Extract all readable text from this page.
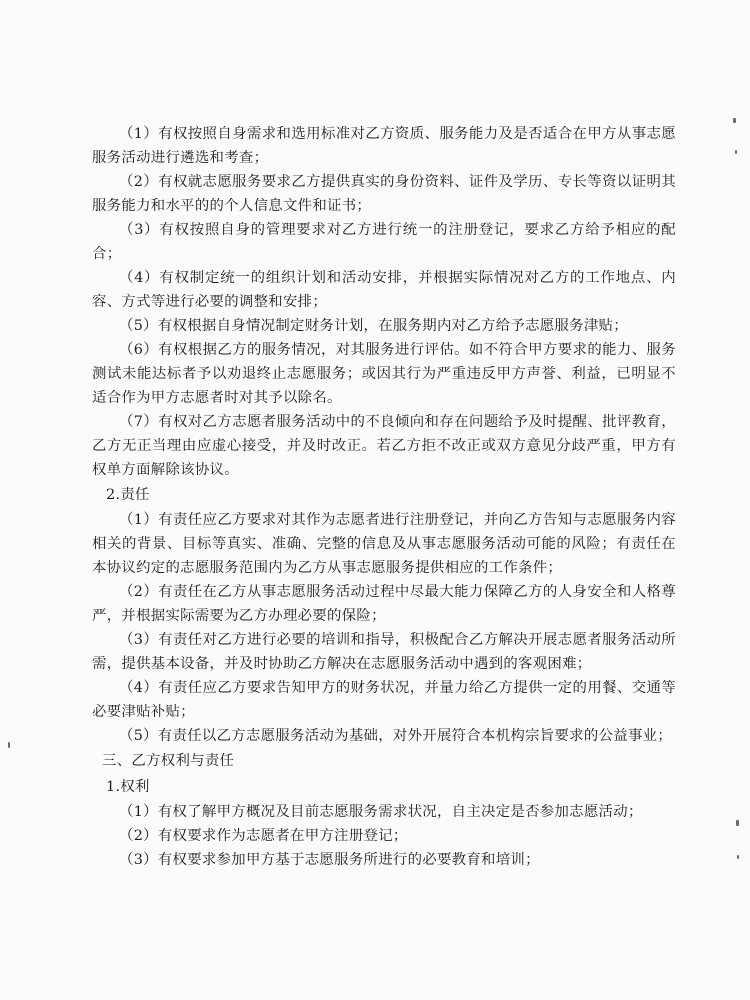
（1）有权按照自身需求和选用标准对乙方资质、服务能力及是否适合在甲方从事志愿服务活动进行遴选和考查；

（2）有权就志愿服务要求乙方提供真实的身份资料、证件及学历、专长等资以证明其服务能力和水平的的个人信息文件和证书；

（3）有权按照自身的管理要求对乙方进行统一的注册登记，要求乙方给予相应的配合；

（4）有权制定统一的组织计划和活动安排，并根据实际情况对乙方的工作地点、内容、方式等进行必要的调整和安排；

（5）有权根据自身情况制定财务计划，在服务期内对乙方给予志愿服务津贴；

（6）有权根据乙方的服务情况，对其服务进行评估。如不符合甲方要求的能力、服务测试未能达标者予以劝退终止志愿服务；或因其行为严重违反甲方声誉、利益，已明显不适合作为甲方志愿者时对其予以除名。

（7）有权对乙方志愿者服务活动中的不良倾向和存在问题给予及时提醒、批评教育，乙方无正当理由应虚心接受，并及时改正。若乙方拒不改正或双方意见分歧严重，甲方有权单方面解除该协议。

2.责任

（1）有责任应乙方要求对其作为志愿者进行注册登记，并向乙方告知与志愿服务内容相关的背景、目标等真实、准确、完整的信息及从事志愿服务活动可能的风险；有责任在本协议约定的志愿服务范围内为乙方从事志愿服务提供相应的工作条件；

（2）有责任在乙方从事志愿服务活动过程中尽最大能力保障乙方的人身安全和人格尊严，并根据实际需要为乙方办理必要的保险；

（3）有责任对乙方进行必要的培训和指导，积极配合乙方解决开展志愿者服务活动所需，提供基本设备，并及时协助乙方解决在志愿服务活动中遇到的客观困难；

（4）有责任应乙方要求告知甲方的财务状况，并量力给乙方提供一定的用餐、交通等必要津贴补贴；

（5）有责任以乙方志愿服务活动为基础，对外开展符合本机构宗旨要求的公益事业；

三、乙方权利与责任

1.权利

（1）有权了解甲方概况及目前志愿服务需求状况，自主决定是否参加志愿活动；

（2）有权要求作为志愿者在甲方注册登记；

（3）有权要求参加甲方基于志愿服务所进行的必要教育和培训；
